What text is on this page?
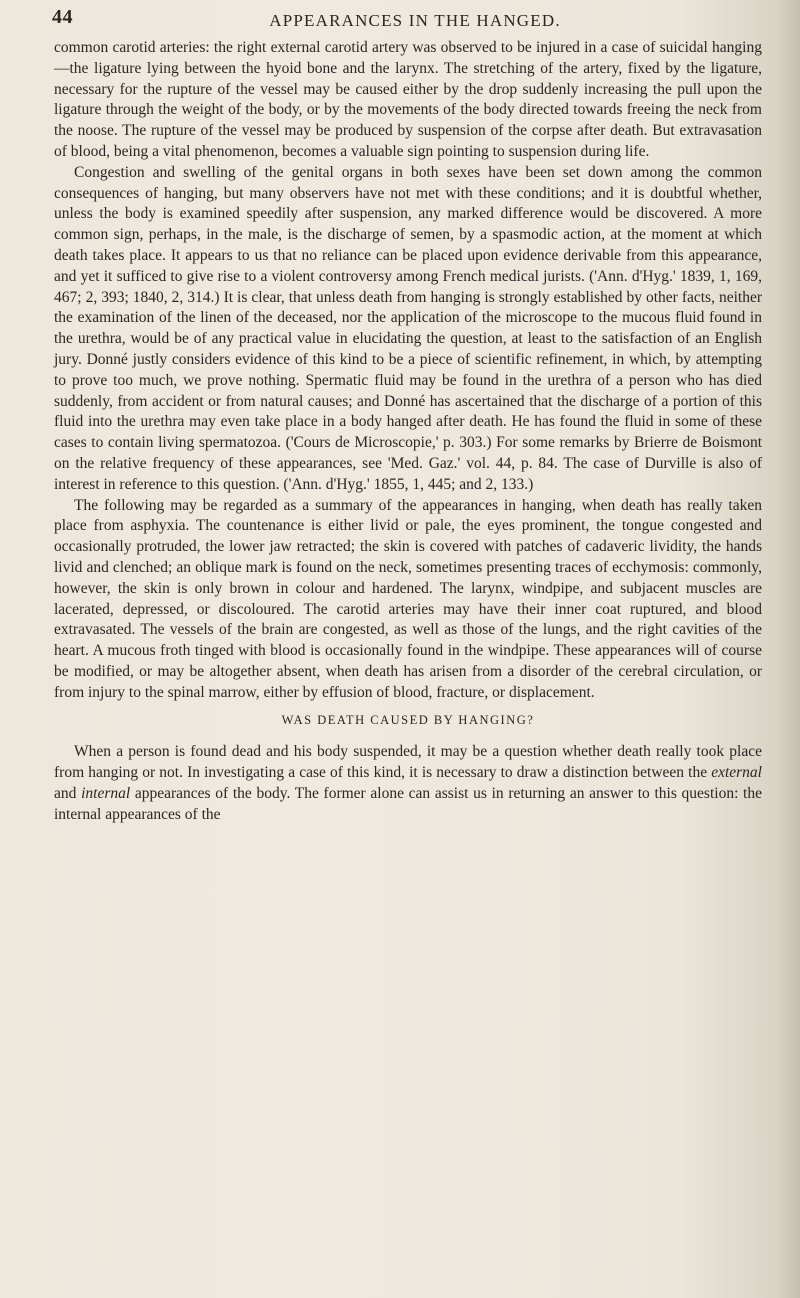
44	APPEARANCES IN THE HANGED.

common carotid arteries: the right external carotid artery was observed to be injured in a case of suicidal hanging—the ligature lying between the hyoid bone and the larynx. The stretching of the artery, fixed by the ligature, necessary for the rupture of the vessel may be caused either by the drop suddenly increasing the pull upon the ligature through the weight of the body, or by the movements of the body directed towards freeing the neck from the noose. The rupture of the vessel may be produced by suspension of the corpse after death. But extravasation of blood, being a vital phenomenon, becomes a valuable sign pointing to suspension during life.

Congestion and swelling of the genital organs in both sexes have been set down among the common consequences of hanging, but many observers have not met with these conditions; and it is doubtful whether, unless the body is examined speedily after suspension, any marked difference would be discovered. A more common sign, perhaps, in the male, is the discharge of semen, by a spasmodic action, at the moment at which death takes place. It appears to us that no reliance can be placed upon evidence derivable from this appearance, and yet it sufficed to give rise to a violent controversy among French medical jurists. ('Ann. d'Hyg.' 1839, 1, 169, 467; 2, 393; 1840, 2, 314.) It is clear, that unless death from hanging is strongly established by other facts, neither the examination of the linen of the deceased, nor the application of the microscope to the mucous fluid found in the urethra, would be of any practical value in elucidating the question, at least to the satisfaction of an English jury. Donné justly considers evidence of this kind to be a piece of scientific refinement, in which, by attempting to prove too much, we prove nothing. Spermatic fluid may be found in the urethra of a person who has died suddenly, from accident or from natural causes; and Donné has ascertained that the discharge of a portion of this fluid into the urethra may even take place in a body hanged after death. He has found the fluid in some of these cases to contain living spermatozoa. ('Cours de Microscopie,' p. 303.) For some remarks by Brierre de Boismont on the relative frequency of these appearances, see 'Med. Gaz.' vol. 44, p. 84. The case of Durville is also of interest in reference to this question. ('Ann. d'Hyg.' 1855, 1, 445; and 2, 133.)

The following may be regarded as a summary of the appearances in hanging, when death has really taken place from asphyxia. The countenance is either livid or pale, the eyes prominent, the tongue congested and occasionally protruded, the lower jaw retracted; the skin is covered with patches of cadaveric lividity, the hands livid and clenched; an oblique mark is found on the neck, sometimes presenting traces of ecchymosis: commonly, however, the skin is only brown in colour and hardened. The larynx, windpipe, and subjacent muscles are lacerated, depressed, or discoloured. The carotid arteries may have their inner coat ruptured, and blood extravasated. The vessels of the brain are congested, as well as those of the lungs, and the right cavities of the heart. A mucous froth tinged with blood is occasionally found in the windpipe. These appearances will of course be modified, or may be altogether absent, when death has arisen from a disorder of the cerebral circulation, or from injury to the spinal marrow, either by effusion of blood, fracture, or displacement.

WAS DEATH CAUSED BY HANGING?

When a person is found dead and his body suspended, it may be a question whether death really took place from hanging or not. In investigating a case of this kind, it is necessary to draw a distinction between the external and internal appearances of the body. The former alone can assist us in returning an answer to this question: the internal appearances of the
